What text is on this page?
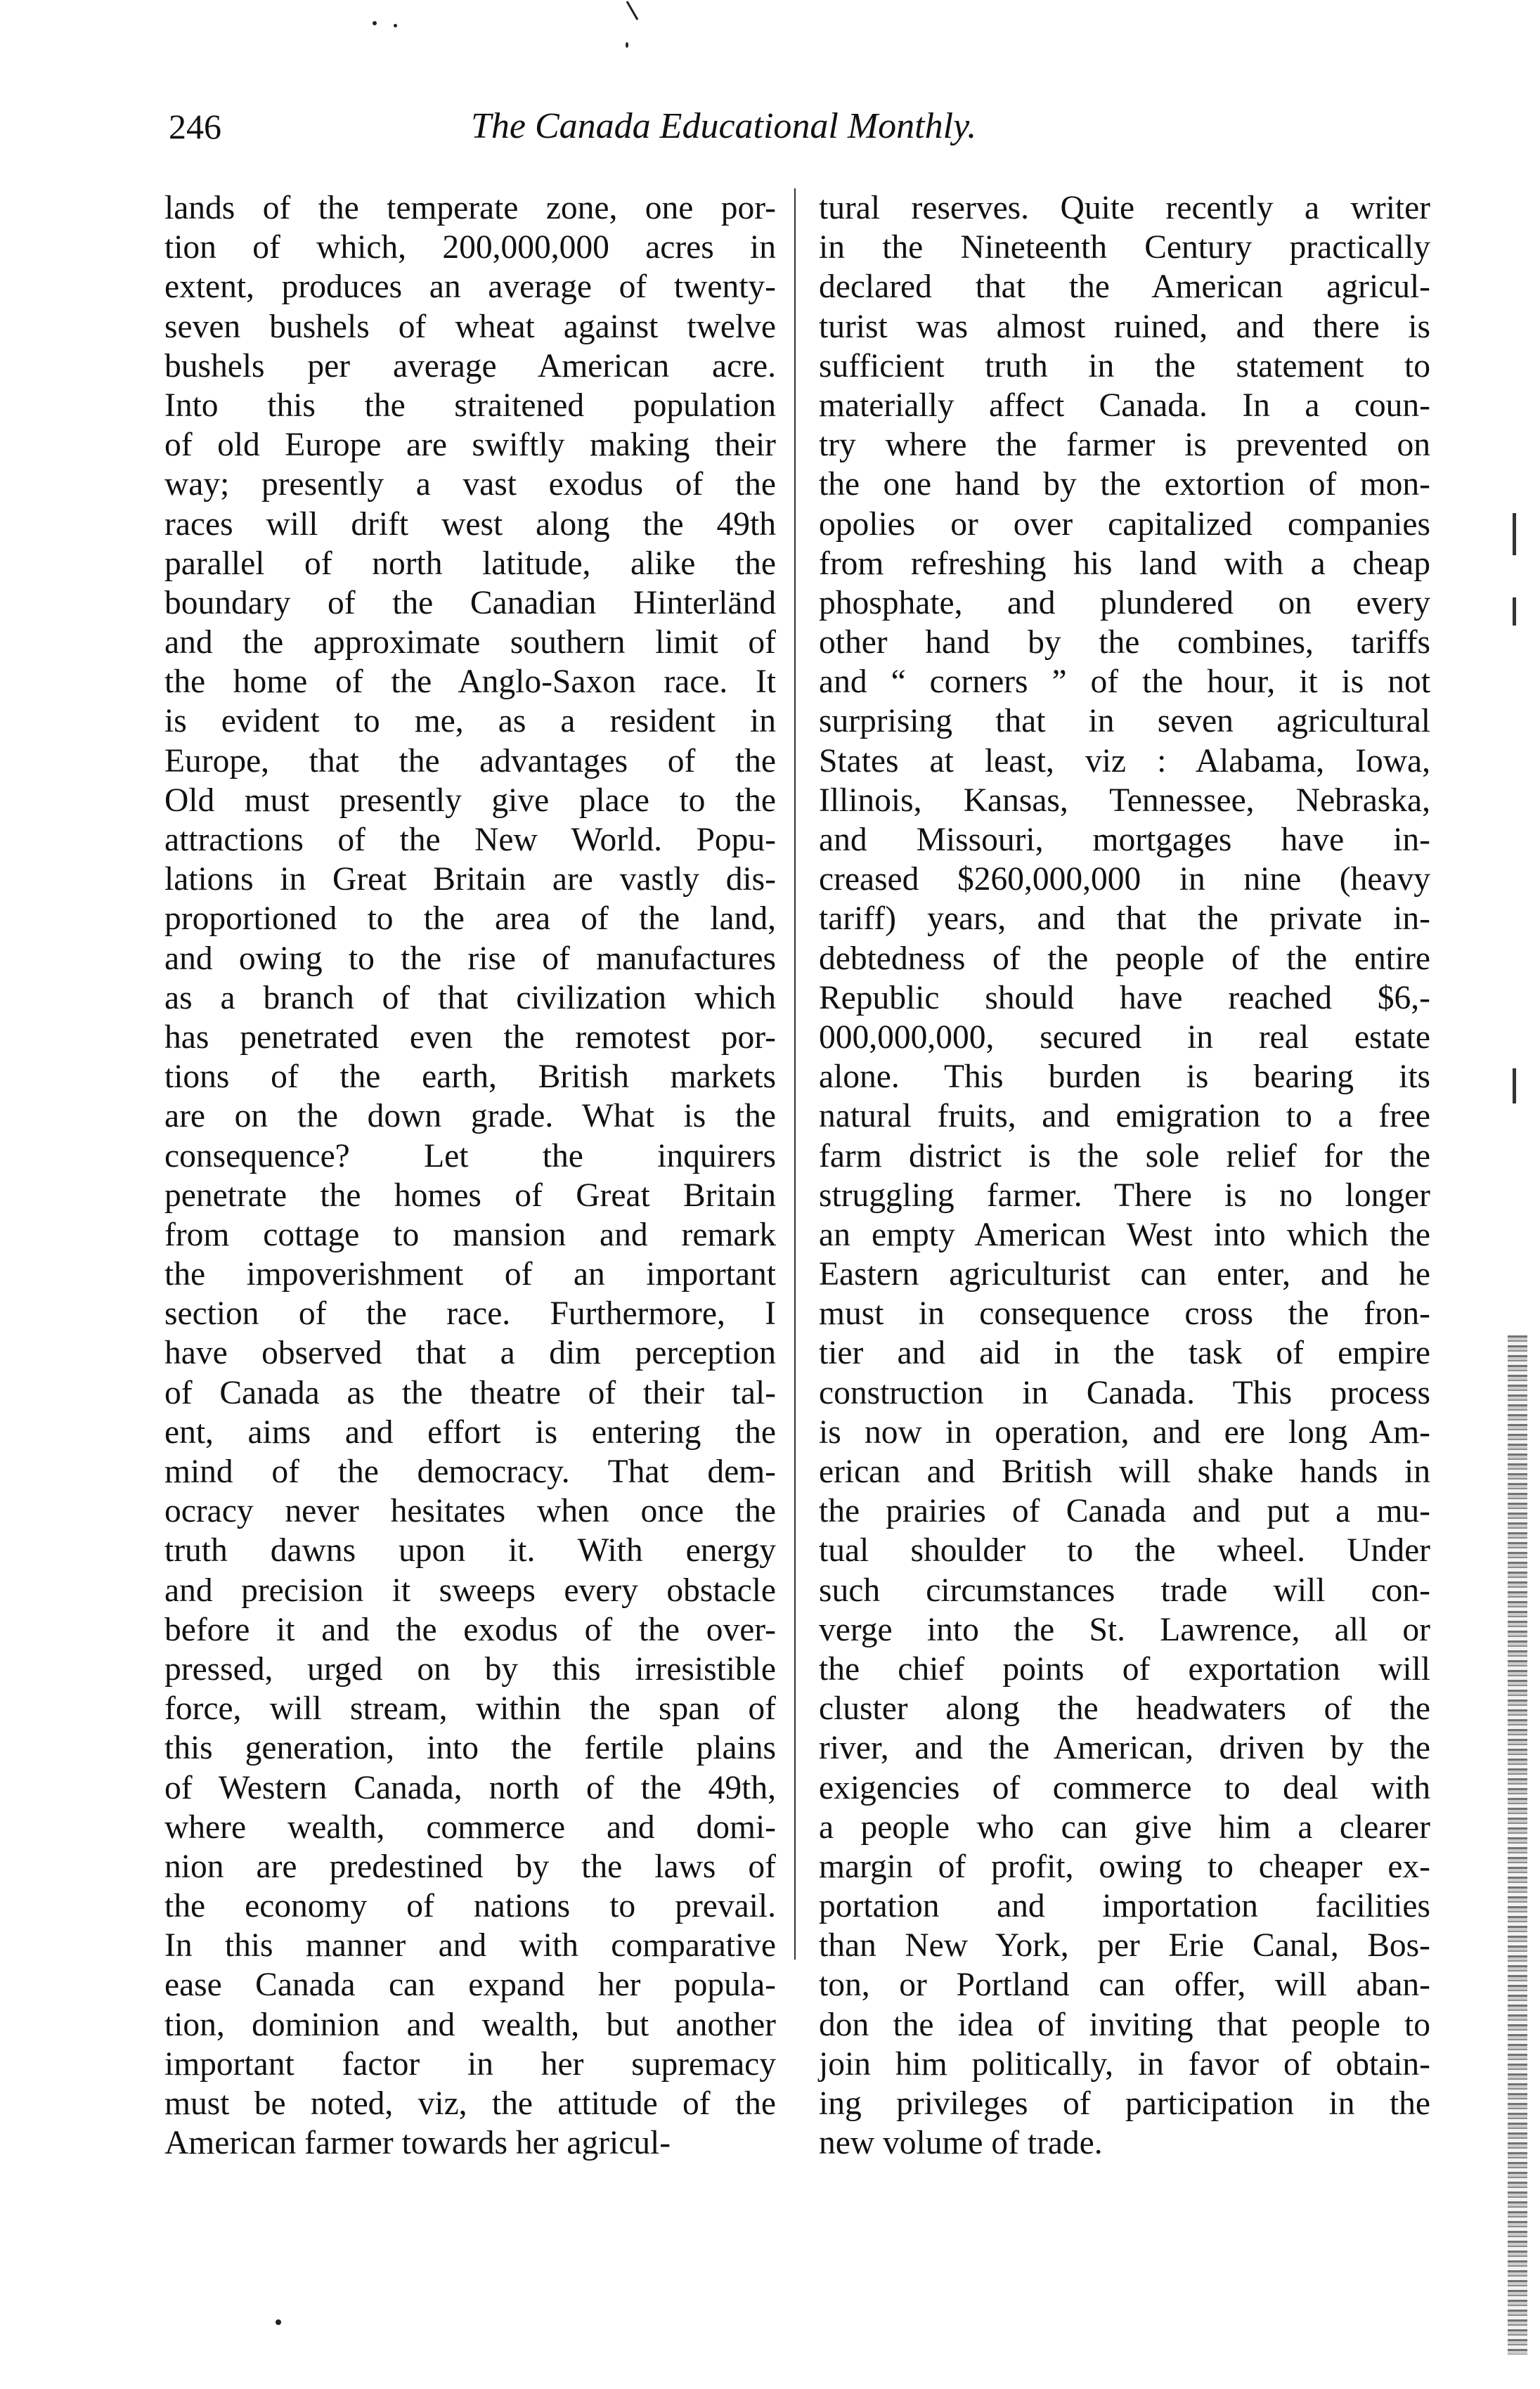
246	The Canada Educational Monthly.
lands of the temperate zone, one por-
tion of which, 200,000,000 acres in
extent, produces an average of twenty-
seven bushels of wheat against twelve
bushels per average American acre.
Into this the straitened population
of old Europe are swiftly making their
way; presently a vast exodus of the
races will drift west along the 49th
parallel of north latitude, alike the
boundary of the Canadian Hinterländ
and the approximate southern limit of
the home of the Anglo-Saxon race. It
is evident to me, as a resident in
Europe, that the advantages of the
Old must presently give place to the
attractions of the New World. Popu-
lations in Great Britain are vastly dis-
proportioned to the area of the land,
and owing to the rise of manufactures
as a branch of that civilization which
has penetrated even the remotest por-
tions of the earth, British markets
are on the down grade. What is the
consequence? Let the inquirers
penetrate the homes of Great Britain
from cottage to mansion and remark
the impoverishment of an important
section of the race. Furthermore, I
have observed that a dim perception
of Canada as the theatre of their tal-
ent, aims and effort is entering the
mind of the democracy. That dem-
ocracy never hesitates when once the
truth dawns upon it. With energy
and precision it sweeps every obstacle
before it and the exodus of the over-
pressed, urged on by this irresistible
force, will stream, within the span of
this generation, into the fertile plains
of Western Canada, north of the 49th,
where wealth, commerce and domi-
nion are predestined by the laws of
the economy of nations to prevail.
In this manner and with comparative
ease Canada can expand her popula-
tion, dominion and wealth, but another
important factor in her supremacy
must be noted, viz, the attitude of the
American farmer towards her agricul-
tural reserves. Quite recently a writer
in the Nineteenth Century practically
declared that the American agricul-
turist was almost ruined, and there is
sufficient truth in the statement to
materially affect Canada. In a coun-
try where the farmer is prevented on
the one hand by the extortion of mon-
opolies or over capitalized companies
from refreshing his land with a cheap
phosphate, and plundered on every
other hand by the combines, tariffs
and “ corners ” of the hour, it is not
surprising that in seven agricultural
States at least, viz : Alabama, Iowa,
Illinois, Kansas, Tennessee, Nebraska,
and Missouri, mortgages have in-
creased $260,000,000 in nine (heavy
tariff) years, and that the private in-
debtedness of the people of the entire
Republic should have reached $6,-
000,000,000, secured in real estate
alone. This burden is bearing its
natural fruits, and emigration to a free
farm district is the sole relief for the
struggling farmer. There is no longer
an empty American West into which the
Eastern agriculturist can enter, and he
must in consequence cross the fron-
tier and aid in the task of empire
construction in Canada. This process
is now in operation, and ere long Am-
erican and British will shake hands in
the prairies of Canada and put a mu-
tual shoulder to the wheel. Under
such circumstances trade will con-
verge into the St. Lawrence, all or
the chief points of exportation will
cluster along the headwaters of the
river, and the American, driven by the
exigencies of commerce to deal with
a people who can give him a clearer
margin of profit, owing to cheaper ex-
portation and importation facilities
than New York, per Erie Canal, Bos-
ton, or Portland can offer, will aban-
don the idea of inviting that people to
join him politically, in favor of obtain-
ing privileges of participation in the
new volume of trade.
